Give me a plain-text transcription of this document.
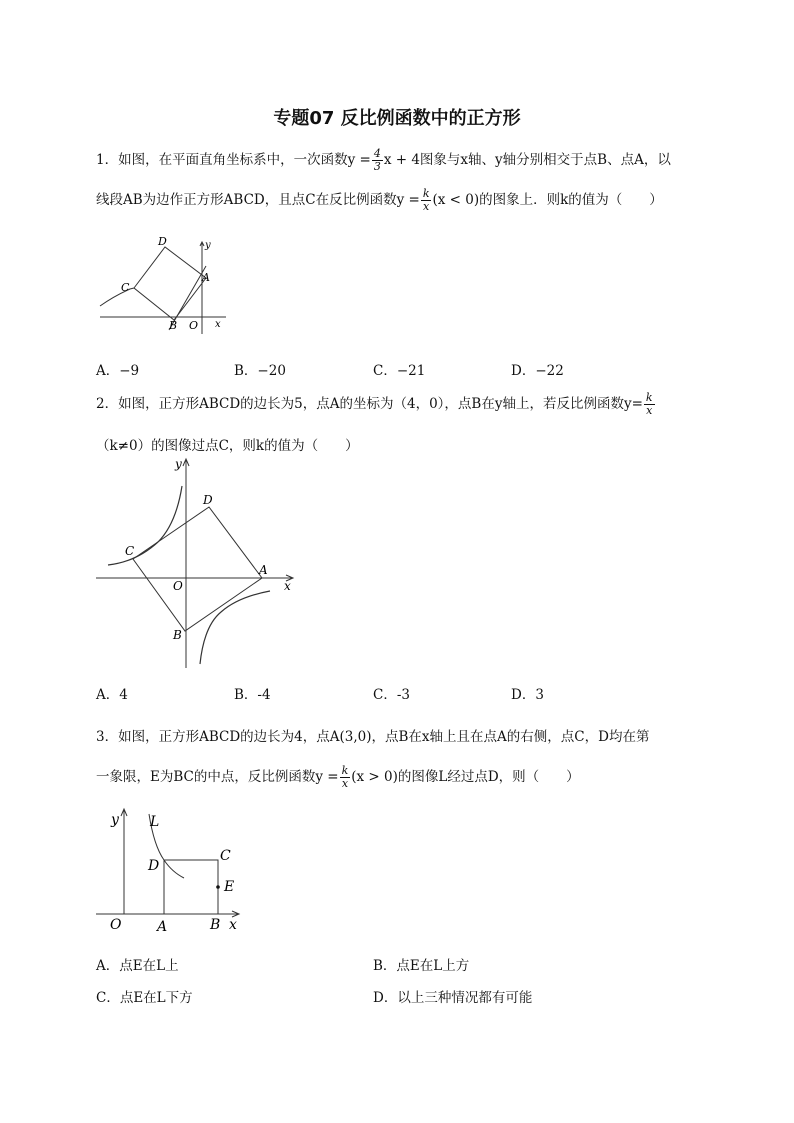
专题07 反比例函数中的正方形
1．如图，在平面直角坐标系中，一次函数$y = \frac{4}{3}$ x + 4图象与x轴、y轴分别相交于点B、点A，以
线段AB为边作正方形ABCD，且点C在反比例函数$y = \frac{k}{x} (x < 0)$的图象上．则k的值为（　　）
D
C
A
B O x
y
A．−9	B．−20	C．−21	D．−22
2．如图，正方形ABCD的边长为5，点A的坐标为（4，0），点B在y轴上，若反比例函数$y= \frac{k}{x}$
（k≠0）的图像过点C，则k的值为（　　）
D
C
A
B
O	x
y
A．4	B．-4	C．-3	D．3
3．如图，正方形ABCD的边长为4，点A(3,0)，点B在x轴上且在点A的右侧，点C，D均在第
一象限，E为BC的中点，反比例函数$y = \frac{k}{x} (x > 0)$的图像L经过点D，则（　　）
y L
D
C
E
O	A	B x
A．点E在L上	B．点E在L上方
C．点E在L下方	D．以上三种情况都有可能
